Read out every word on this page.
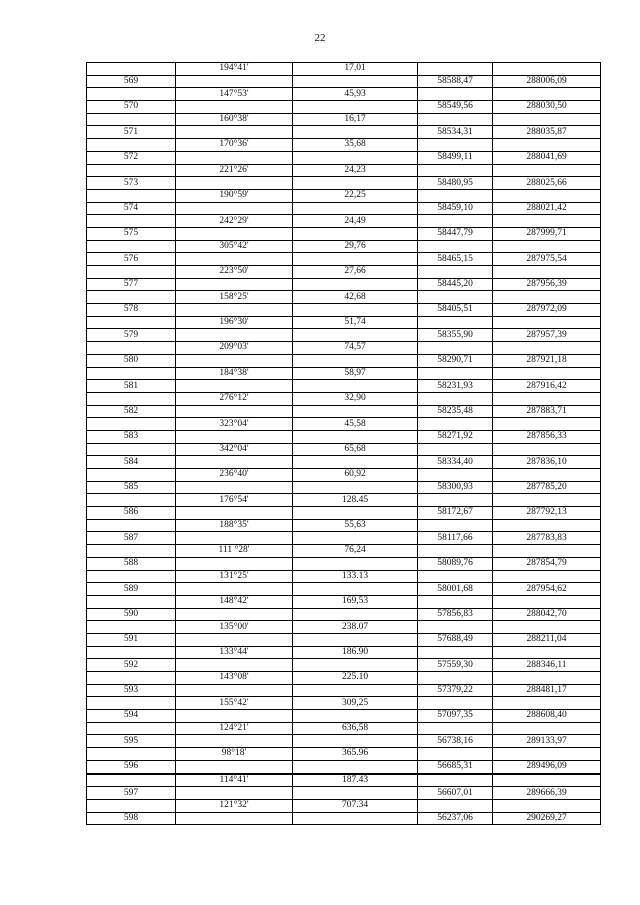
22
	194°41'	17,01		
569			58588,47	288006,09
	147°53'	45,93		
570			58549,56	288030,50
	160°38'	16,17		
571			58534,31	288035,87
	170°36'	35,68		
572			58499,11	288041,69
	221°26'	24,23		
573			58480,95	288025,66
	190°59'	22,25		
574			58459,10	288021,42
	242°29'	24,49		
575			58447,79	287999,71
	305°42'	29,76		
576			58465,15	287975,54
	223°50'	27,66		
577			58445,20	287956,39
	158°25'	42,68		
578			58405,51	287972,09
	196°30'	51,74		
579			58355,90	287957,39
	209°03'	74,57		
580			58290,71	287921,18
	184°38'	58,97		
581			58231,93	287916,42
	276°12'	32,90		
582			58235,48	287883,71
	323°04'	45,58		
583			58271,92	287856,33
	342°04'	65,68		
584			58334,40	287836,10
	236°40'	60,92		
585			58300,93	287785,20
	176°54'	128.45		
586			58172,67	287792,13
	188°35'	55,63		
587			58117,66	287783,83
	111 °28'	76,24		
588			58089,76	287854,79
	131°25'	133.13		
589			58001,68	287954,62
	148°42'	169,53		
590			57856,83	288042,70
	135°00'	238.07		
591			57688,49	288211,04
	133°44'	186.90		
592			57559,30	288346,11
	143°08'	225.10		
593			57379,22	288481,17
	155°42'	309,25		
594			57097,35	288608,40
	124°21'	636,58		
595			56738,16	289133,97
	98°18'	365.96		
596			56685,31	289496,09
	114°41'	187.43		
597			56607,01	289666,39
	121°32'	707.34		
598			56237,06	290269,27
